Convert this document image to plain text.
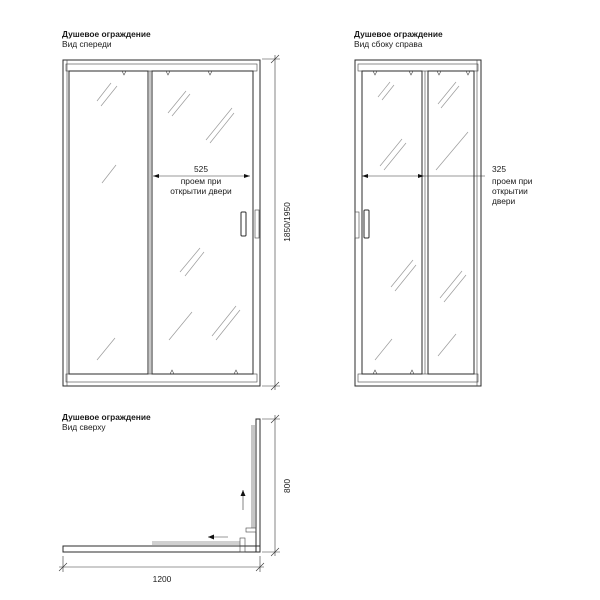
Душевое ограждение
Вид спереди
Душевое ограждение
Вид сбоку справа
Душевое ограждение
Вид сверху
525
проем при
открытии двери
1850/1950
325
проем при
открытии
двери
800
1200
